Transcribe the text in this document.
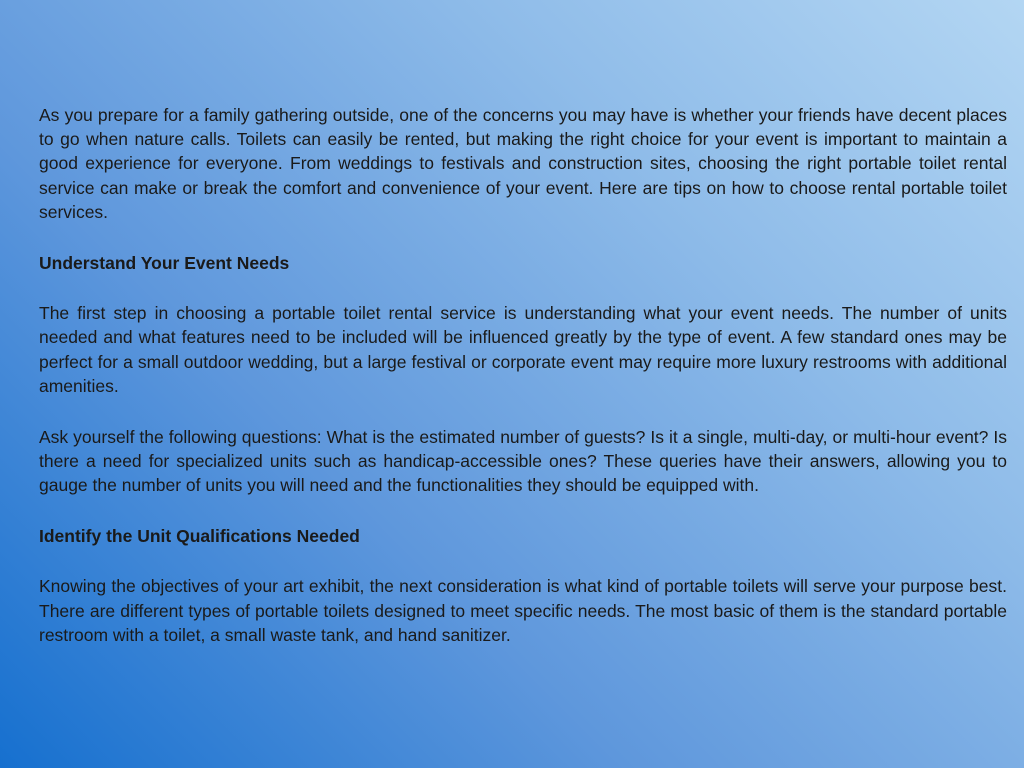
As you prepare for a family gathering outside, one of the concerns you may have is whether your friends have decent places to go when nature calls. Toilets can easily be rented, but making the right choice for your event is important to maintain a good experience for everyone. From weddings to festivals and construction sites, choosing the right portable toilet rental service can make or break the comfort and convenience of your event. Here are tips on how to choose rental portable toilet services.

Understand Your Event Needs

The first step in choosing a portable toilet rental service is understanding what your event needs. The number of units needed and what features need to be included will be influenced greatly by the type of event. A few standard ones may be perfect for a small outdoor wedding, but a large festival or corporate event may require more luxury restrooms with additional amenities.

Ask yourself the following questions: What is the estimated number of guests? Is it a single, multi-day, or multi-hour event? Is there a need for specialized units such as handicap-accessible ones? These queries have their answers, allowing you to gauge the number of units you will need and the functionalities they should be equipped with.

Identify the Unit Qualifications Needed

Knowing the objectives of your art exhibit, the next consideration is what kind of portable toilets will serve your purpose best. There are different types of portable toilets designed to meet specific needs. The most basic of them is the standard portable restroom with a toilet, a small waste tank, and hand sanitizer.
